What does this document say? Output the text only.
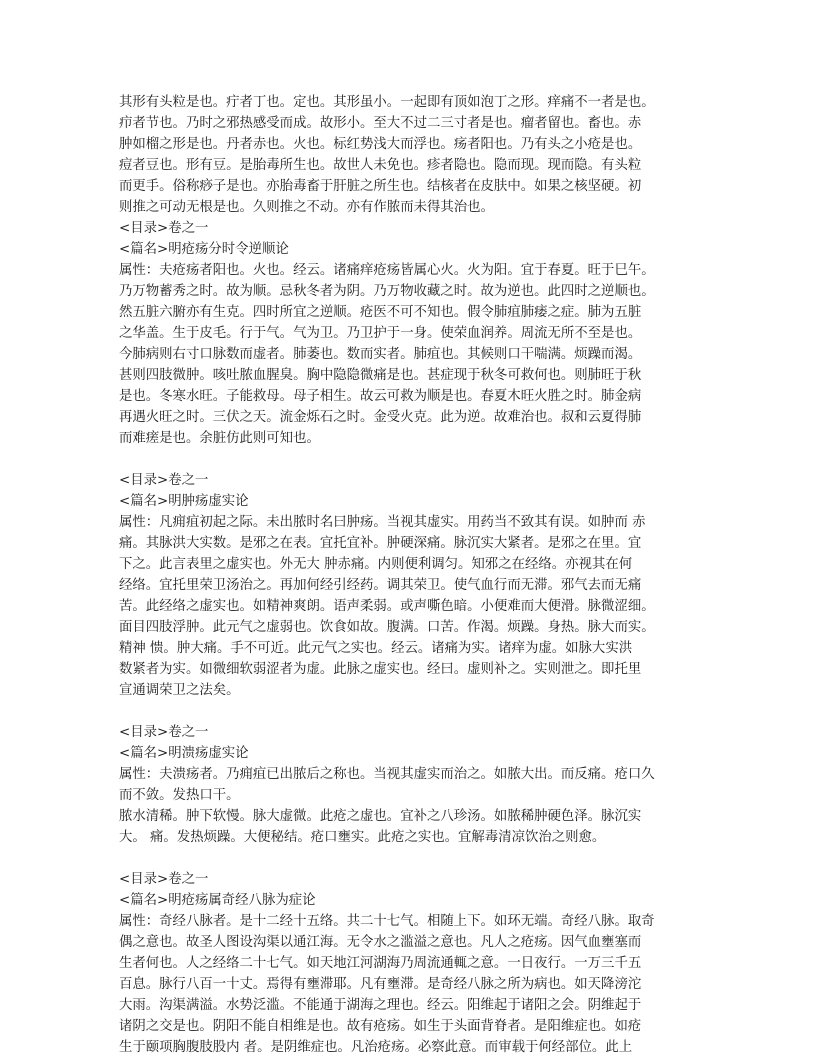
其形有头粒是也。疔者丁也。定也。其形虽小。一起即有顶如泡丁之形。痒痛不一者是也。
疖者节也。乃时之邪热感受而成。故形小。至大不过二三寸者是也。瘤者留也。畜也。赤
肿如榴之形是也。丹者赤也。火也。标红势浅大而浮也。疡者阳也。乃有头之小疮是也。
痘者豆也。形有豆。是胎毒所生也。故世人未免也。疹者隐也。隐而现。现而隐。有头粒
而更手。俗称痧子是也。亦胎毒畜于肝脏之所生也。结核者在皮肤中。如果之核坚硬。初
则推之可动无根是也。久则推之不动。亦有作脓而未得其治也。
<目录>卷之一
<篇名>明疮疡分时令逆顺论
属性：夫疮疡者阳也。火也。经云。诸痛痒疮疡皆属心火。火为阳。宜于春夏。旺于巳午。
乃万物蓄秀之时。故为顺。忌秋冬者为阴。乃万物收藏之时。故为逆也。此四时之逆顺也。
然五脏六腑亦有生克。四时所宜之逆顺。疮医不可不知也。假令肺疽肺痿之症。肺为五脏
之华盖。生于皮毛。行于气。气为卫。乃卫护于一身。使荣血润养。周流无所不至是也。
今肺病则右寸口脉数而虚者。肺萎也。数而实者。肺疽也。其候则口干喘满。烦躁而渴。
甚则四肢微肿。咳吐脓血腥臭。胸中隐隐微痛是也。甚症现于秋冬可救何也。则肺旺于秋
是也。冬寒水旺。子能救母。母子相生。故云可救为顺是也。春夏木旺火胜之时。肺金病
再遇火旺之时。三伏之天。流金烁石之时。金受火克。此为逆。故难治也。叔和云夏得肺
而难瘥是也。余脏仿此则可知也。
<目录>卷之一
<篇名>明肿疡虚实论
属性：凡痈疽初起之际。未出脓时名曰肿疡。当视其虚实。用药当不致其有误。如肿而 赤
痛。其脉洪大实数。是邪之在表。宜托宜补。肿硬深痛。脉沉实大紧者。是邪之在里。宜
下之。此言表里之虚实也。外无大 肿赤痛。内则便利调匀。知邪之在经络。亦视其在何
经络。宜托里荣卫汤治之。再加何经引经药。调其荣卫。使气血行而无滞。邪气去而无痛
苦。此经络之虚实也。如精神爽朗。语声柔弱。或声嘶色暗。小便难而大便滑。脉微涩细。
面目四肢浮肿。此元气之虚弱也。饮食如故。腹满。口苦。作渴。烦躁。身热。脉大而实。
精神 愦。肿大痛。手不可近。此元气之实也。经云。诸痛为实。诸痒为虚。如脉大实洪
数紧者为实。如微细软弱涩者为虚。此脉之虚实也。经曰。虚则补之。实则泄之。即托里
宣通调荣卫之法矣。
<目录>卷之一
<篇名>明溃疡虚实论
属性：夫溃疡者。乃痈疽已出脓后之称也。当视其虚实而治之。如脓大出。而反痛。疮口久
而不敛。发热口干。
脓水清稀。肿下软慢。脉大虚微。此疮之虚也。宜补之八珍汤。如脓稀肿硬色泽。脉沉实
大。 痛。发热烦躁。大便秘结。疮口壅实。此疮之实也。宜解毒清凉饮治之则愈。
<目录>卷之一
<篇名>明疮疡属奇经八脉为症论
属性：奇经八脉者。是十二经十五络。共二十七气。相随上下。如环无端。奇经八脉。取奇
偶之意也。故圣人图设沟渠以通江海。无令水之滥溢之意也。凡人之疮疡。因气血壅塞而
生者何也。人之经络二十七气。如天地江河湖海乃周流通輒之意。一日夜行。一万三千五
百息。脉行八百一十丈。焉得有壅滞耶。凡有壅滞。是奇经八脉之所为病也。如天降滂沱
大雨。沟渠满溢。水势泛滥。不能通于湖海之理也。经云。阳维起于诸阳之会。阴维起于
诸阴之交是也。阴阳不能自相维是也。故有疮疡。如生于头面背脊者。是阳维症也。如疮
生于颐项胸腹肢股内 者。是阴维症也。凡治疮疡。必察此意。而审载于何经部位。此上
